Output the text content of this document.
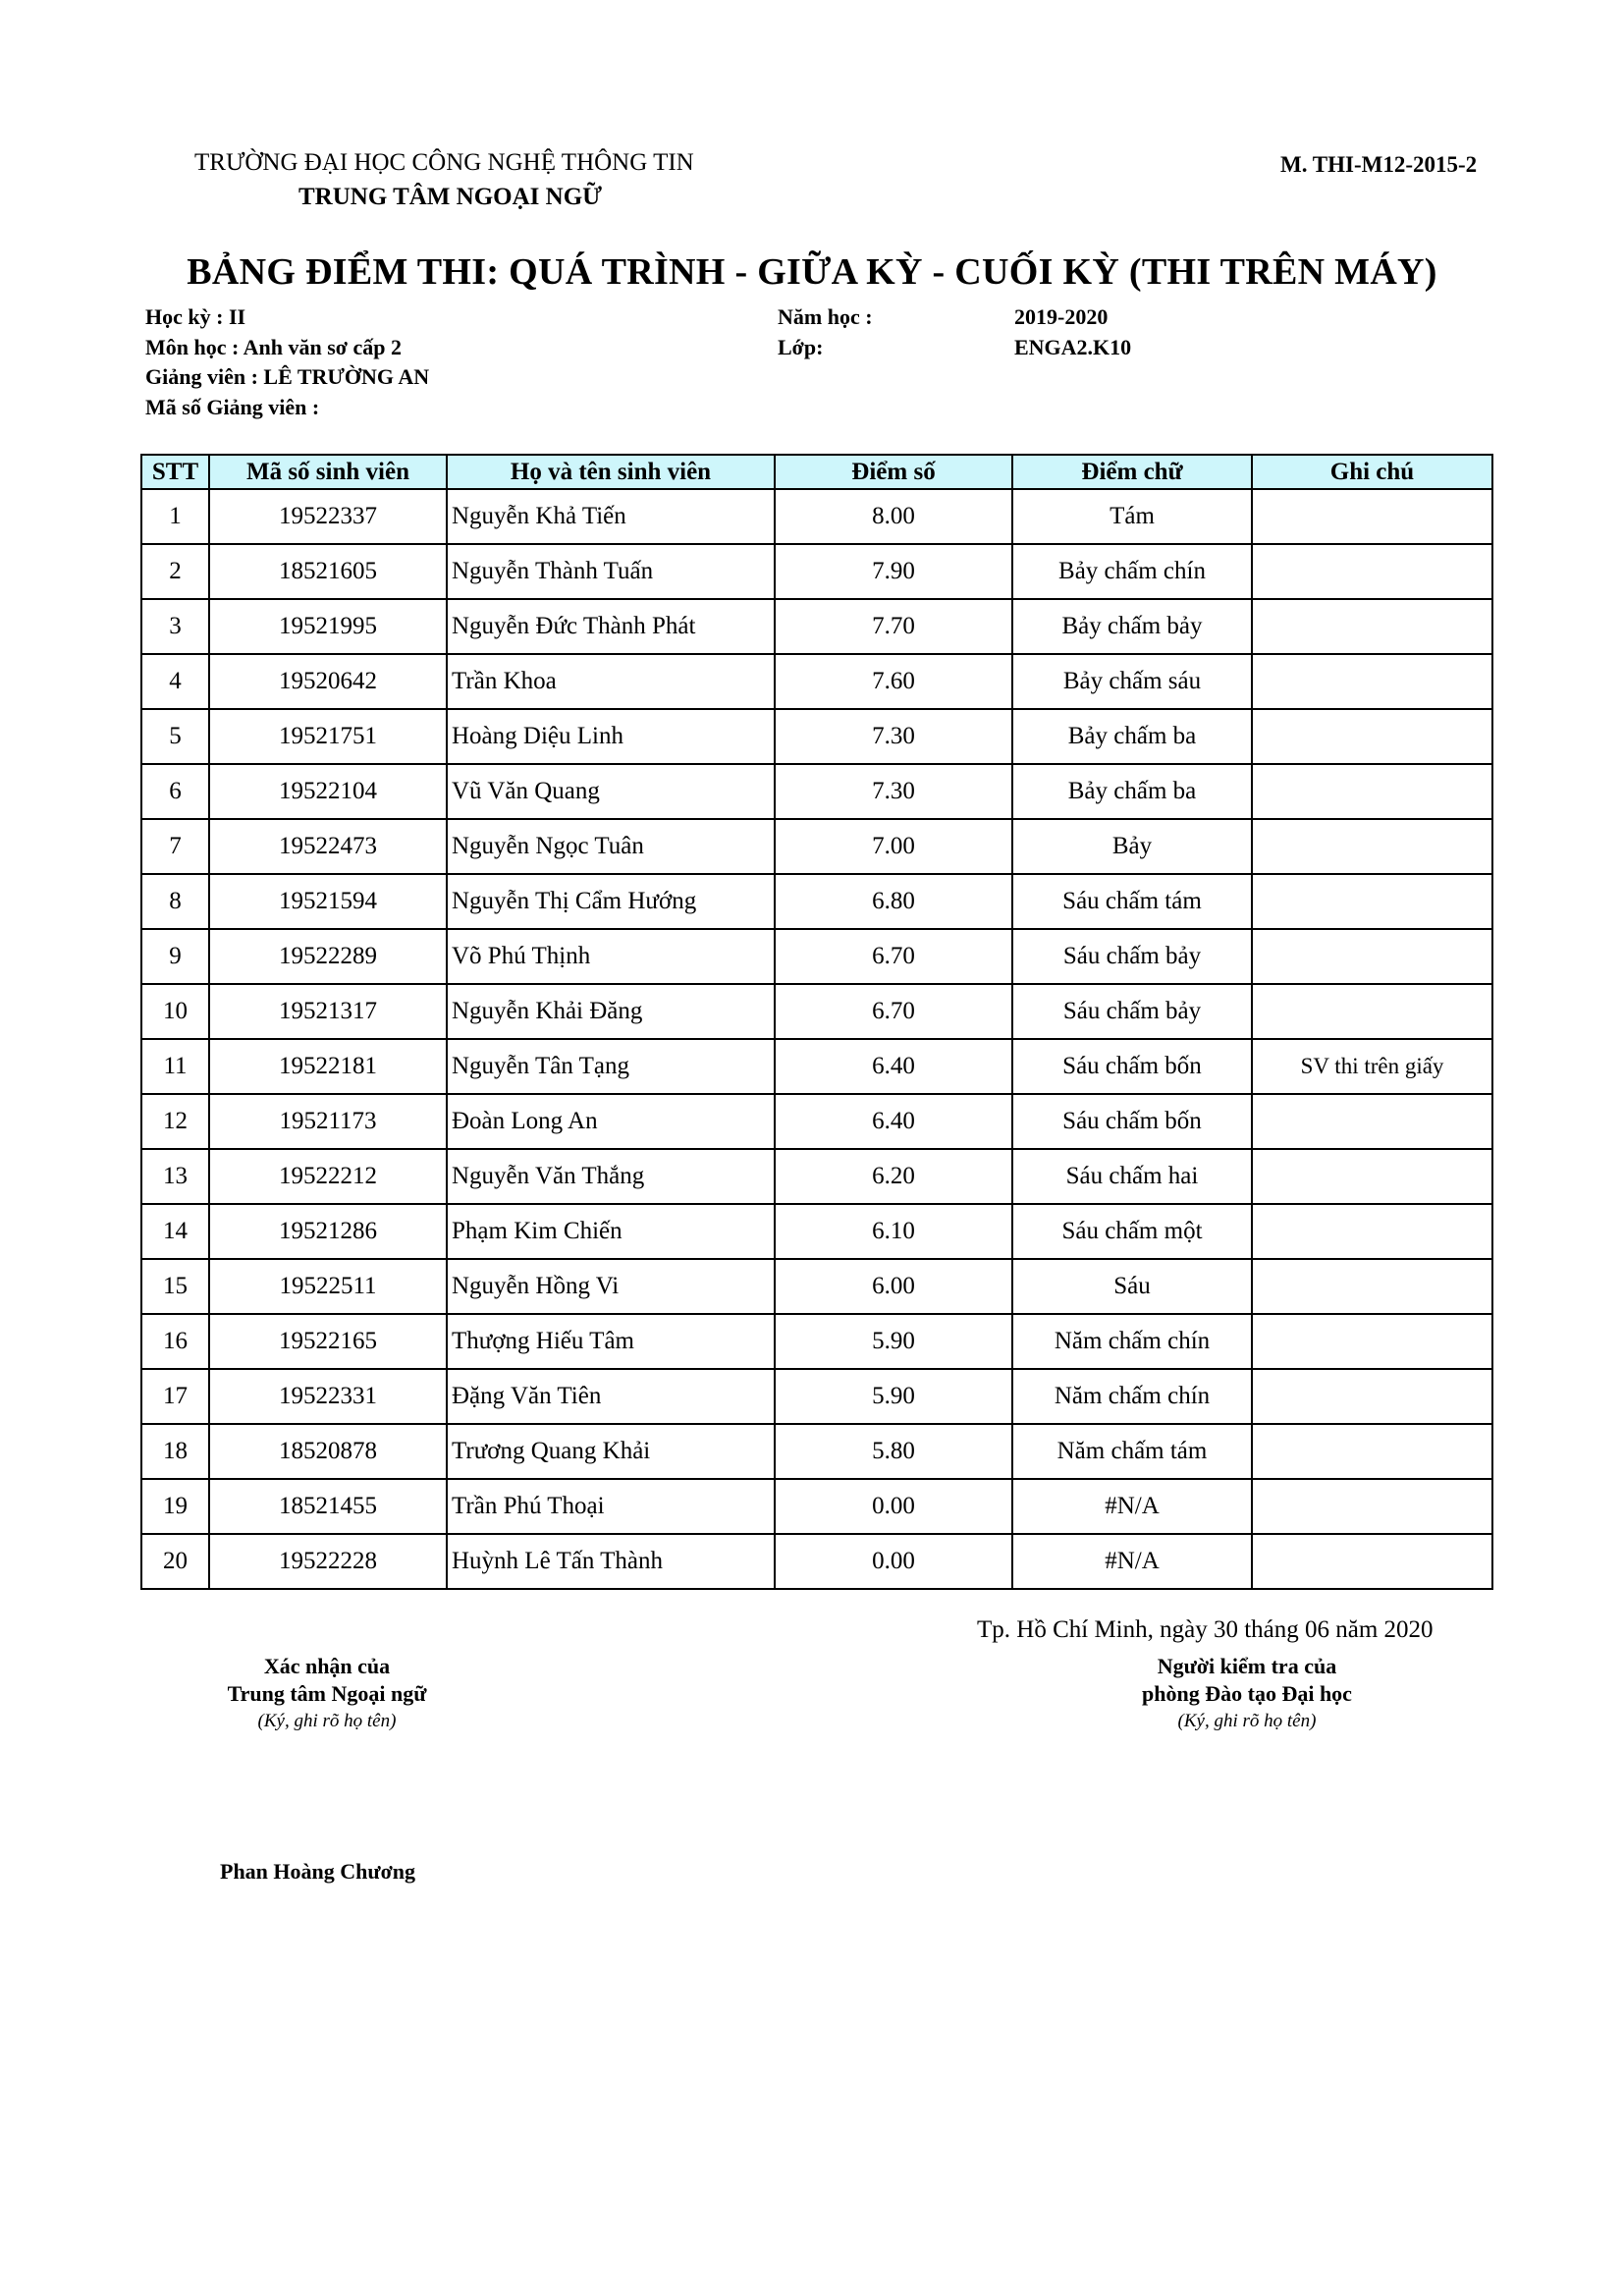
TRƯỜNG ĐẠI HỌC CÔNG NGHỆ THÔNG TIN
TRUNG TÂM NGOẠI NGỮ
M. THI-M12-2015-2
BẢNG ĐIỂM THI: QUÁ TRÌNH - GIỮA KỲ - CUỐI KỲ (THI TRÊN MÁY)
Học kỳ : II
Môn học : Anh văn sơ cấp 2
Giảng viên : LÊ TRƯỜNG AN
Mã số Giảng viên :
Năm học :	2019-2020
Lớp:	ENGA2.K10
STT	Mã số sinh viên	Họ và tên sinh viên	Điểm số	Điểm chữ	Ghi chú
1	19522337	Nguyễn Khả Tiến	8.00	Tám	
2	18521605	Nguyễn Thành Tuấn	7.90	Bảy chấm chín	
3	19521995	Nguyễn Đức Thành Phát	7.70	Bảy chấm bảy	
4	19520642	Trần Khoa	7.60	Bảy chấm sáu	
5	19521751	Hoàng Diệu Linh	7.30	Bảy chấm ba	
6	19522104	Vũ Văn Quang	7.30	Bảy chấm ba	
7	19522473	Nguyễn Ngọc Tuân	7.00	Bảy	
8	19521594	Nguyễn Thị Cẩm Hướng	6.80	Sáu chấm tám	
9	19522289	Võ Phú Thịnh	6.70	Sáu chấm bảy	
10	19521317	Nguyễn Khải Đăng	6.70	Sáu chấm bảy	
11	19522181	Nguyễn Tân Tạng	6.40	Sáu chấm bốn	SV thi trên giấy
12	19521173	Đoàn Long An	6.40	Sáu chấm bốn	
13	19522212	Nguyễn Văn Thắng	6.20	Sáu chấm hai	
14	19521286	Phạm Kim Chiến	6.10	Sáu chấm một	
15	19522511	Nguyễn Hồng Vi	6.00	Sáu	
16	19522165	Thượng Hiếu Tâm	5.90	Năm chấm chín	
17	19522331	Đặng Văn Tiên	5.90	Năm chấm chín	
18	18520878	Trương Quang Khải	5.80	Năm chấm tám	
19	18521455	Trần Phú Thoại	0.00	#N/A	
20	19522228	Huỳnh Lê Tấn Thành	0.00	#N/A	
Tp. Hồ Chí Minh, ngày 30 tháng 06 năm 2020
Xác nhận của
Trung tâm Ngoại ngữ
(Ký, ghi rõ họ tên)
Người kiểm tra của
phòng Đào tạo Đại học
(Ký, ghi rõ họ tên)
Phan Hoàng Chương
